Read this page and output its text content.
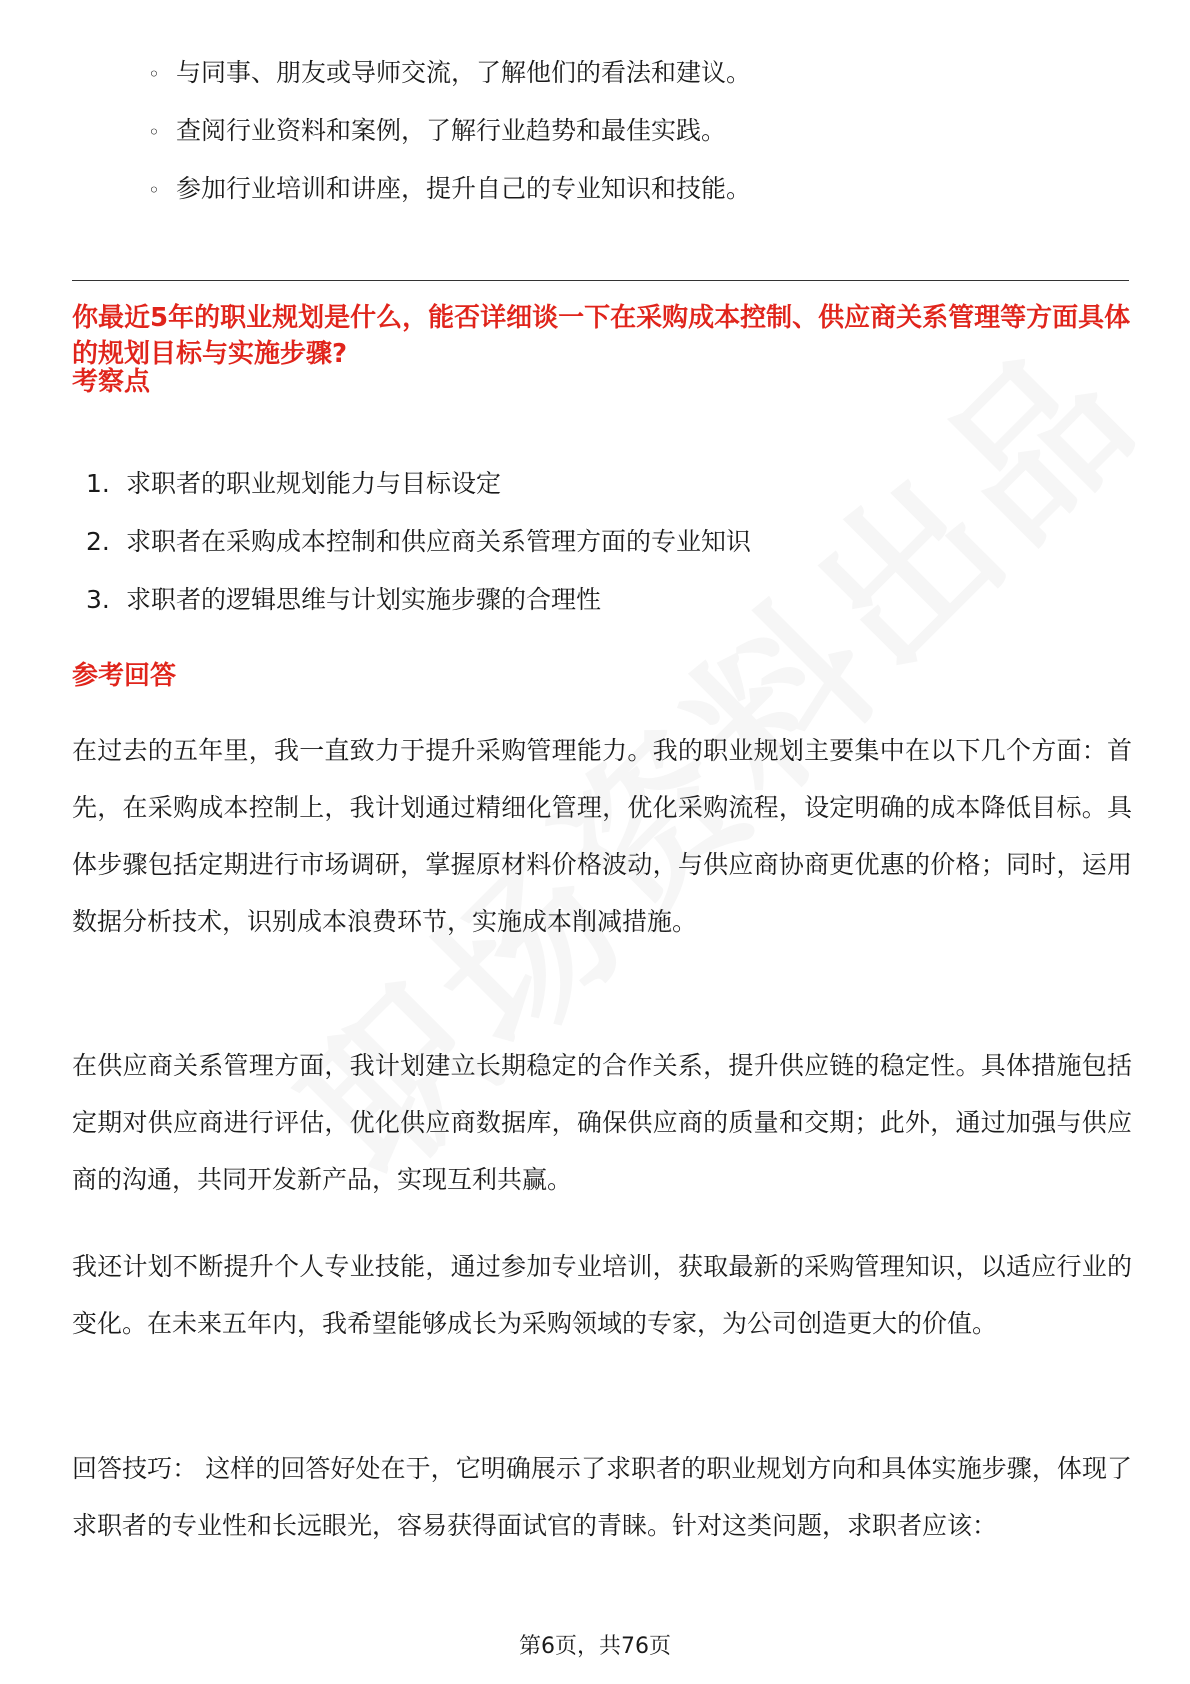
◦ 与同事、朋友或导师交流，了解他们的看法和建议。
◦ 查阅行业资料和案例，了解行业趋势和最佳实践。
◦ 参加行业培训和讲座，提升自己的专业知识和技能。
你最近5年的职业规划是什么，能否详细谈一下在采购成本控制、供应商关系管理等方面具体的规划目标与实施步骤?
考察点
1. 求职者的职业规划能力与目标设定
2. 求职者在采购成本控制和供应商关系管理方面的专业知识
3. 求职者的逻辑思维与计划实施步骤的合理性
参考回答

在过去的五年里，我一直致力于提升采购管理能力。我的职业规划主要集中在以下几个方面：首先，在采购成本控制上，我计划通过精细化管理，优化采购流程，设定明确的成本降低目标。具体步骤包括定期进行市场调研，掌握原材料价格波动，与供应商协商更优惠的价格；同时，运用数据分析技术，识别成本浪费环节，实施成本削减措施。

在供应商关系管理方面，我计划建立长期稳定的合作关系，提升供应链的稳定性。具体措施包括定期对供应商进行评估，优化供应商数据库，确保供应商的质量和交期；此外，通过加强与供应商的沟通，共同开发新产品，实现互利共赢。

我还计划不断提升个人专业技能，通过参加专业培训，获取最新的采购管理知识，以适应行业的变化。在未来五年内，我希望能够成长为采购领域的专家，为公司创造更大的价值。

回答技巧： 这样的回答好处在于，它明确展示了求职者的职业规划方向和具体实施步骤，体现了求职者的专业性和长远眼光，容易获得面试官的青睐。针对这类问题，求职者应该：

第6页，共76页
